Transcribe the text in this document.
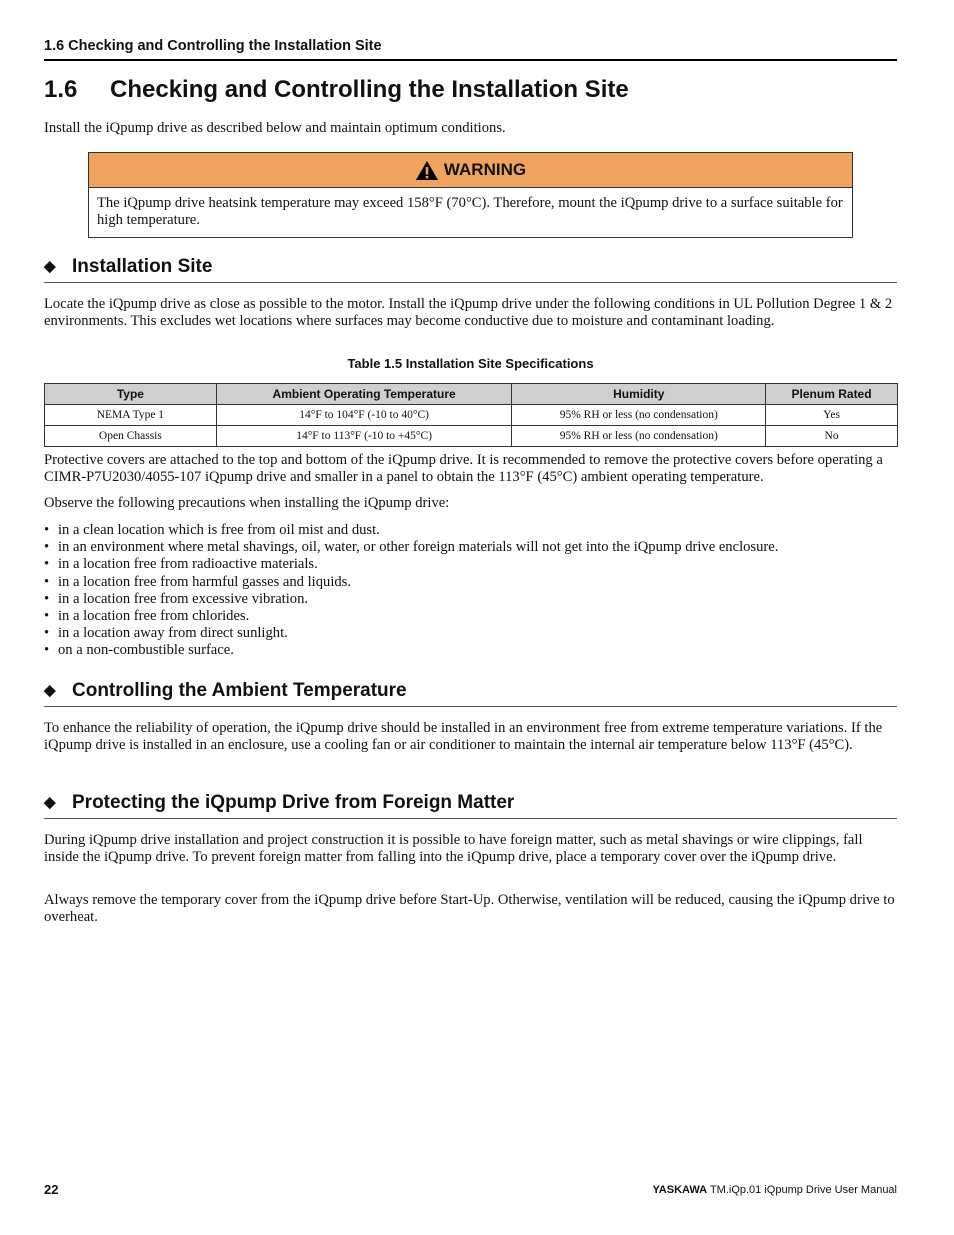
1.6 Checking and Controlling the Installation Site
1.6 Checking and Controlling the Installation Site

Install the iQpump drive as described below and maintain optimum conditions.

WARNING
The iQpump drive heatsink temperature may exceed 158°F (70°C). Therefore, mount the iQpump drive to a surface suitable for high temperature.
◆ Installation Site

Locate the iQpump drive as close as possible to the motor. Install the iQpump drive under the following conditions in UL Pollution Degree 1 & 2 environments. This excludes wet locations where surfaces may become conductive due to moisture and contaminant loading.

Table 1.5 Installation Site Specifications
Type	Ambient Operating Temperature	Humidity	Plenum Rated
NEMA Type 1	14°F to 104°F (-10 to 40°C)	95% RH or less (no condensation)	Yes
Open Chassis	14°F to 113°F (-10 to +45°C)	95% RH or less (no condensation)	No

Protective covers are attached to the top and bottom of the iQpump drive. It is recommended to remove the protective covers before operating a CIMR-P7U2030/4055-107 iQpump drive and smaller in a panel to obtain the 113°F (45°C) ambient operating temperature.

Observe the following precautions when installing the iQpump drive:

• in a clean location which is free from oil mist and dust.
• in an environment where metal shavings, oil, water, or other foreign materials will not get into the iQpump drive enclosure.
• in a location free from radioactive materials.
• in a location free from harmful gasses and liquids.
• in a location free from excessive vibration.
• in a location free from chlorides.
• in a location away from direct sunlight.
• on a non-combustible surface.
◆ Controlling the Ambient Temperature

To enhance the reliability of operation, the iQpump drive should be installed in an environment free from extreme temperature variations. If the iQpump drive is installed in an enclosure, use a cooling fan or air conditioner to maintain the internal air temperature below 113°F (45°C).

◆ Protecting the iQpump Drive from Foreign Matter

During iQpump drive installation and project construction it is possible to have foreign matter, such as metal shavings or wire clippings, fall inside the iQpump drive. To prevent foreign matter from falling into the iQpump drive, place a temporary cover over the iQpump drive.

Always remove the temporary cover from the iQpump drive before Start-Up. Otherwise, ventilation will be reduced, causing the iQpump drive to overheat.

22	YASKAWA TM.iQp.01 iQpump Drive User Manual
